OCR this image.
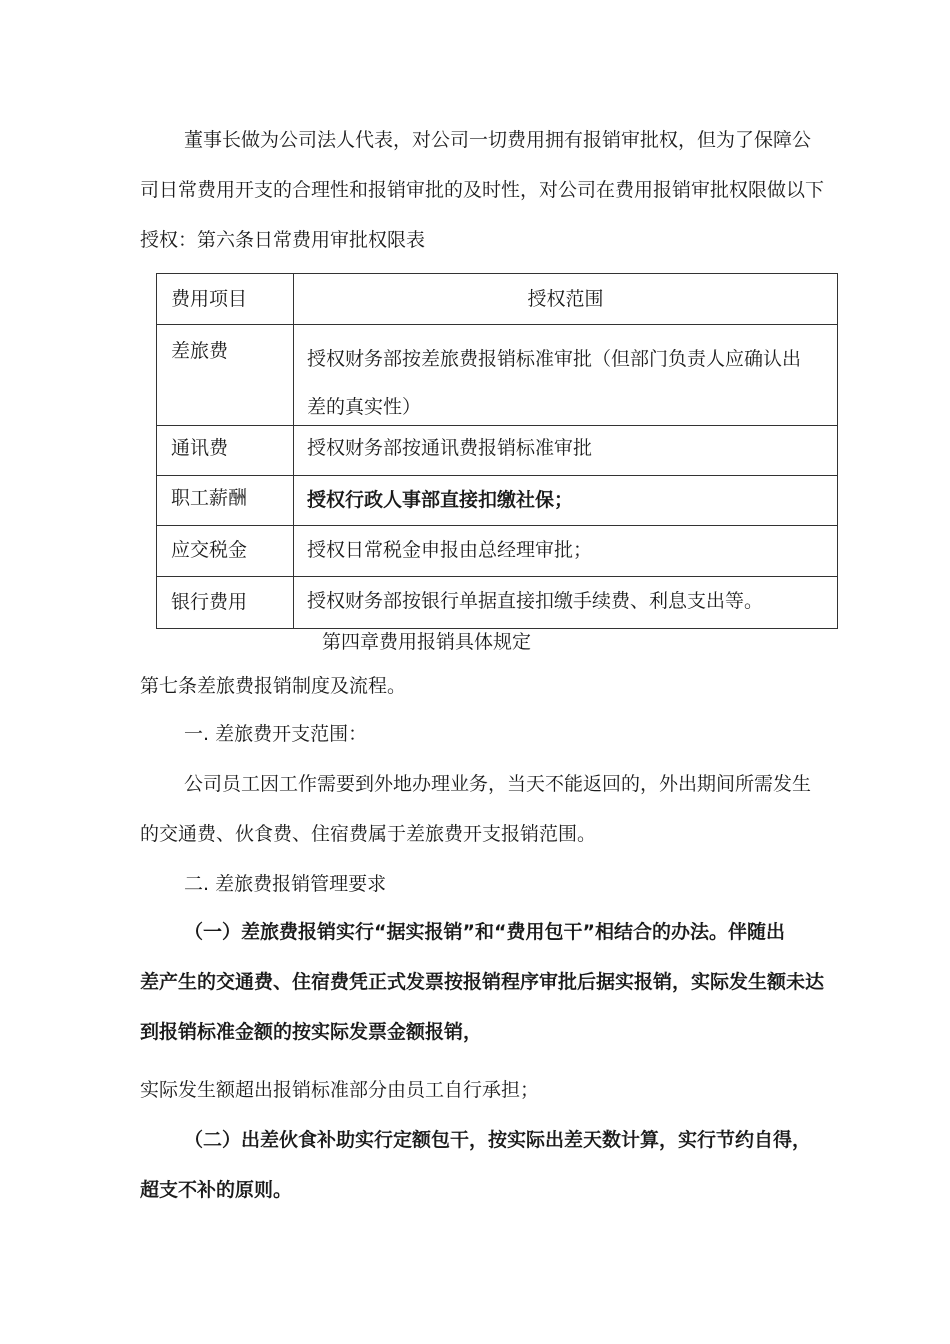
董事长做为公司法人代表，对公司一切费用拥有报销审批权，但为了保障公

司日常费用开支的合理性和报销审批的及时性，对公司在费用报销审批权限做以下

授权：第六条日常费用审批权限表

费用项目	授权范围

差旅费	授权财务部按差旅费报销标准审批（但部门负责人应确认出
差的真实性）

通讯费	授权财务部按通讯费报销标准审批

职工薪酬	授权行政人事部直接扣缴社保；

应交税金	授权日常税金申报由总经理审批；

银行费用	授权财务部按银行单据直接扣缴手续费、利息支出等。

第四章费用报销具体规定

第七条差旅费报销制度及流程。

一. 差旅费开支范围：

公司员工因工作需要到外地办理业务，当天不能返回的，外出期间所需发生

的交通费、伙食费、住宿费属于差旅费开支报销范围。

二. 差旅费报销管理要求

（一）差旅费报销实行“据实报销”和“费用包干”相结合的办法。伴随出

差产生的交通费、住宿费凭正式发票按报销程序审批后据实报销，实际发生额未达

到报销标准金额的按实际发票金额报销，

实际发生额超出报销标准部分由员工自行承担；

（二）出差伙食补助实行定额包干，按实际出差天数计算，实行节约自得，

超支不补的原则。
